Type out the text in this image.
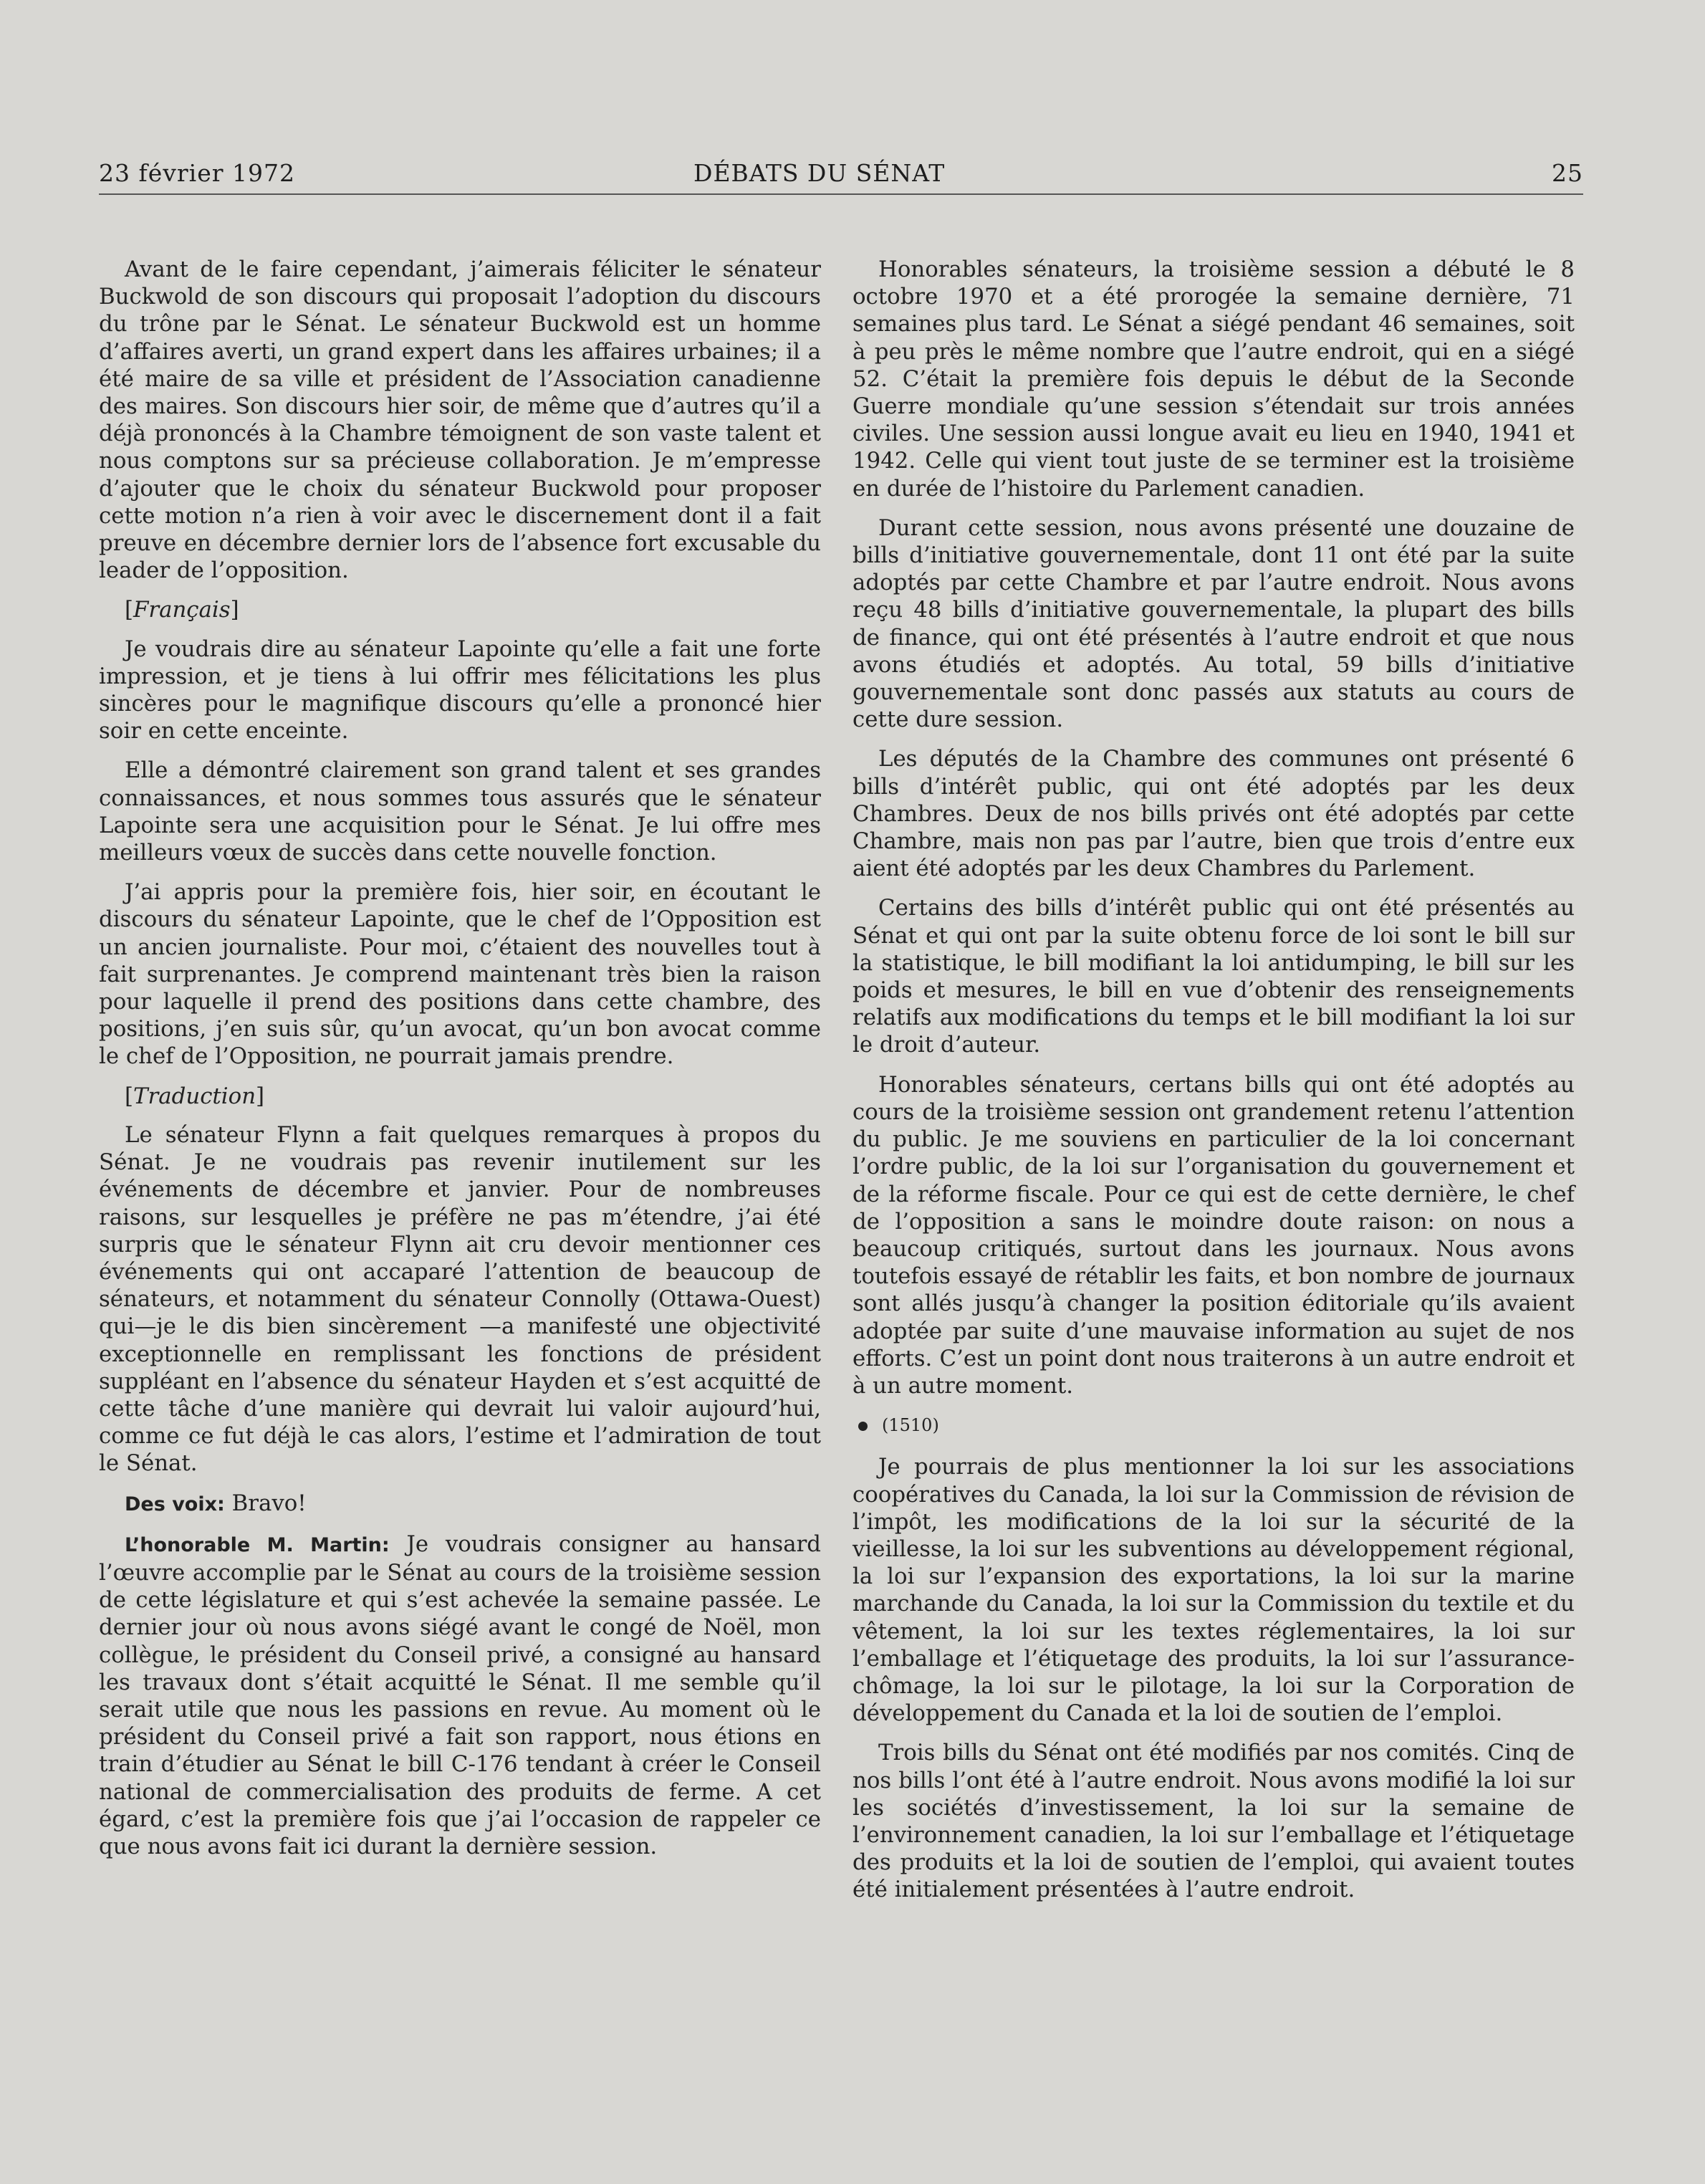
23 février 1972	DÉBATS DU SÉNAT	25

Avant de le faire cependant, j’aimerais féliciter le sénateur Buckwold de son discours qui proposait l’adoption du discours du trône par le Sénat. Le sénateur Buckwold est un homme d’affaires averti, un grand expert dans les affaires urbaines; il a été maire de sa ville et président de l’Association canadienne des maires. Son discours hier soir, de même que d’autres qu’il a déjà prononcés à la Chambre témoignent de son vaste talent et nous comptons sur sa précieuse collaboration. Je m’empresse d’ajouter que le choix du sénateur Buckwold pour proposer cette motion n’a rien à voir avec le discernement dont il a fait preuve en décembre dernier lors de l’absence fort excusable du leader de l’opposition.

[Français]

Je voudrais dire au sénateur Lapointe qu’elle a fait une forte impression, et je tiens à lui offrir mes félicitations les plus sincères pour le magnifique discours qu’elle a prononcé hier soir en cette enceinte.

Elle a démontré clairement son grand talent et ses grandes connaissances, et nous sommes tous assurés que le sénateur Lapointe sera une acquisition pour le Sénat. Je lui offre mes meilleurs vœux de succès dans cette nouvelle fonction.

J’ai appris pour la première fois, hier soir, en écoutant le discours du sénateur Lapointe, que le chef de l’Opposition est un ancien journaliste. Pour moi, c’étaient des nouvelles tout à fait surprenantes. Je comprend maintenant très bien la raison pour laquelle il prend des positions dans cette chambre, des positions, j’en suis sûr, qu’un avocat, qu’un bon avocat comme le chef de l’Opposition, ne pourrait jamais prendre.

[Traduction]

Le sénateur Flynn a fait quelques remarques à propos du Sénat. Je ne voudrais pas revenir inutilement sur les événements de décembre et janvier. Pour de nombreuses raisons, sur lesquelles je préfère ne pas m’étendre, j’ai été surpris que le sénateur Flynn ait cru devoir mentionner ces événements qui ont accaparé l’attention de beaucoup de sénateurs, et notamment du sénateur Connolly (Ottawa-Ouest) qui—je le dis bien sincèrement —a manifesté une objectivité exceptionnelle en remplissant les fonctions de président suppléant en l’absence du sénateur Hayden et s’est acquitté de cette tâche d’une manière qui devrait lui valoir aujourd’hui, comme ce fut déjà le cas alors, l’estime et l’admiration de tout le Sénat.

Des voix: Bravo!

L’honorable M. Martin: Je voudrais consigner au hansard l’œuvre accomplie par le Sénat au cours de la troisième session de cette législature et qui s’est achevée la semaine passée. Le dernier jour où nous avons siégé avant le congé de Noël, mon collègue, le président du Conseil privé, a consigné au hansard les travaux dont s’était acquitté le Sénat. Il me semble qu’il serait utile que nous les passions en revue. Au moment où le président du Conseil privé a fait son rapport, nous étions en train d’étudier au Sénat le bill C-176 tendant à créer le Conseil national de commercialisation des produits de ferme. A cet égard, c’est la première fois que j’ai l’occasion de rappeler ce que nous avons fait ici durant la dernière session.

Honorables sénateurs, la troisième session a débuté le 8 octobre 1970 et a été prorogée la semaine dernière, 71 semaines plus tard. Le Sénat a siégé pendant 46 semaines, soit à peu près le même nombre que l’autre endroit, qui en a siégé 52. C’était la première fois depuis le début de la Seconde Guerre mondiale qu’une session s’étendait sur trois années civiles. Une session aussi longue avait eu lieu en 1940, 1941 et 1942. Celle qui vient tout juste de se terminer est la troisième en durée de l’histoire du Parlement canadien.

Durant cette session, nous avons présenté une douzaine de bills d’initiative gouvernementale, dont 11 ont été par la suite adoptés par cette Chambre et par l’autre endroit. Nous avons reçu 48 bills d’initiative gouvernementale, la plupart des bills de finance, qui ont été présentés à l’autre endroit et que nous avons étudiés et adoptés. Au total, 59 bills d’initiative gouvernementale sont donc passés aux statuts au cours de cette dure session.

Les députés de la Chambre des communes ont présenté 6 bills d’intérêt public, qui ont été adoptés par les deux Chambres. Deux de nos bills privés ont été adoptés par cette Chambre, mais non pas par l’autre, bien que trois d’entre eux aient été adoptés par les deux Chambres du Parlement.

Certains des bills d’intérêt public qui ont été présentés au Sénat et qui ont par la suite obtenu force de loi sont le bill sur la statistique, le bill modifiant la loi antidumping, le bill sur les poids et mesures, le bill en vue d’obtenir des renseignements relatifs aux modifications du temps et le bill modifiant la loi sur le droit d’auteur.

Honorables sénateurs, certans bills qui ont été adoptés au cours de la troisième session ont grandement retenu l’attention du public. Je me souviens en particulier de la loi concernant l’ordre public, de la loi sur l’organisation du gouvernement et de la réforme fiscale. Pour ce qui est de cette dernière, le chef de l’opposition a sans le moindre doute raison: on nous a beaucoup critiqués, surtout dans les journaux. Nous avons toutefois essayé de rétablir les faits, et bon nombre de journaux sont allés jusqu’à changer la position éditoriale qu’ils avaient adoptée par suite d’une mauvaise information au sujet de nos efforts. C’est un point dont nous traiterons à un autre endroit et à un autre moment.

(1510)

Je pourrais de plus mentionner la loi sur les associations coopératives du Canada, la loi sur la Commission de révision de l’impôt, les modifications de la loi sur la sécurité de la vieillesse, la loi sur les subventions au développement régional, la loi sur l’expansion des exportations, la loi sur la marine marchande du Canada, la loi sur la Commission du textile et du vêtement, la loi sur les textes réglementaires, la loi sur l’emballage et l’étiquetage des produits, la loi sur l’assurance-chômage, la loi sur le pilotage, la loi sur la Corporation de développement du Canada et la loi de soutien de l’emploi.

Trois bills du Sénat ont été modifiés par nos comités. Cinq de nos bills l’ont été à l’autre endroit. Nous avons modifié la loi sur les sociétés d’investissement, la loi sur la semaine de l’environnement canadien, la loi sur l’emballage et l’étiquetage des produits et la loi de soutien de l’emploi, qui avaient toutes été initialement présentées à l’autre endroit.
